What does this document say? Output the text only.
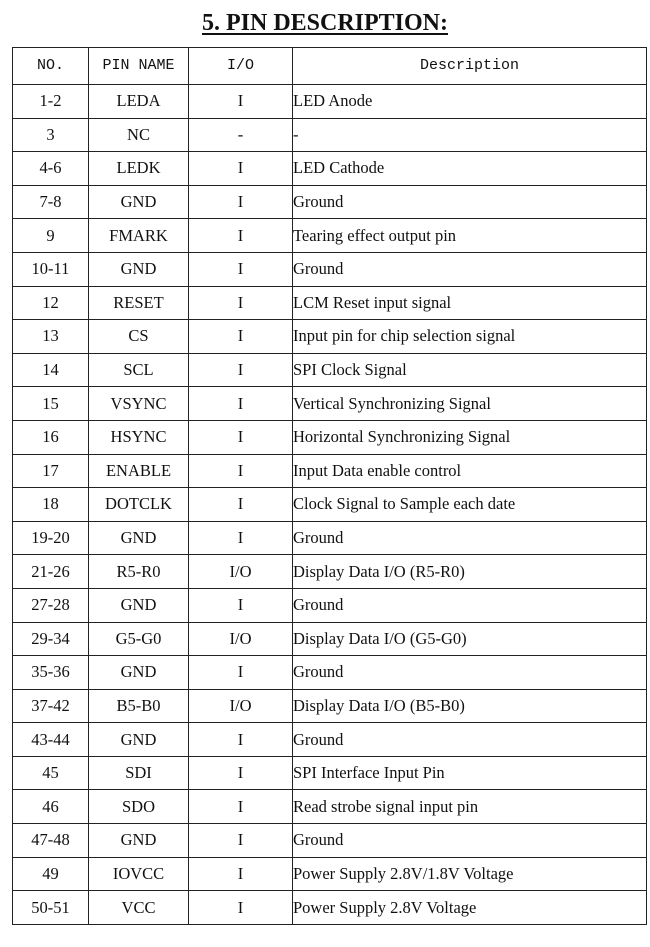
5. PIN DESCRIPTION:
NO.	PIN NAME	I/O	Description
1-2	LEDA	I	LED Anode
3	NC	-	-
4-6	LEDK	I	LED Cathode
7-8	GND	I	Ground
9	FMARK	I	Tearing effect output pin
10-11	GND	I	Ground
12	RESET	I	LCM Reset input signal
13	CS	I	Input pin for chip selection signal
14	SCL	I	SPI Clock Signal
15	VSYNC	I	Vertical Synchronizing Signal
16	HSYNC	I	Horizontal Synchronizing Signal
17	ENABLE	I	Input Data enable control
18	DOTCLK	I	Clock Signal to Sample each date
19-20	GND	I	Ground
21-26	R5-R0	I/O	Display Data I/O (R5-R0)
27-28	GND	I	Ground
29-34	G5-G0	I/O	Display Data I/O (G5-G0)
35-36	GND	I	Ground
37-42	B5-B0	I/O	Display Data I/O (B5-B0)
43-44	GND	I	Ground
45	SDI	I	SPI Interface Input Pin
46	SDO	I	Read strobe signal input pin
47-48	GND	I	Ground
49	IOVCC	I	Power Supply 2.8V/1.8V Voltage
50-51	VCC	I	Power Supply 2.8V Voltage
